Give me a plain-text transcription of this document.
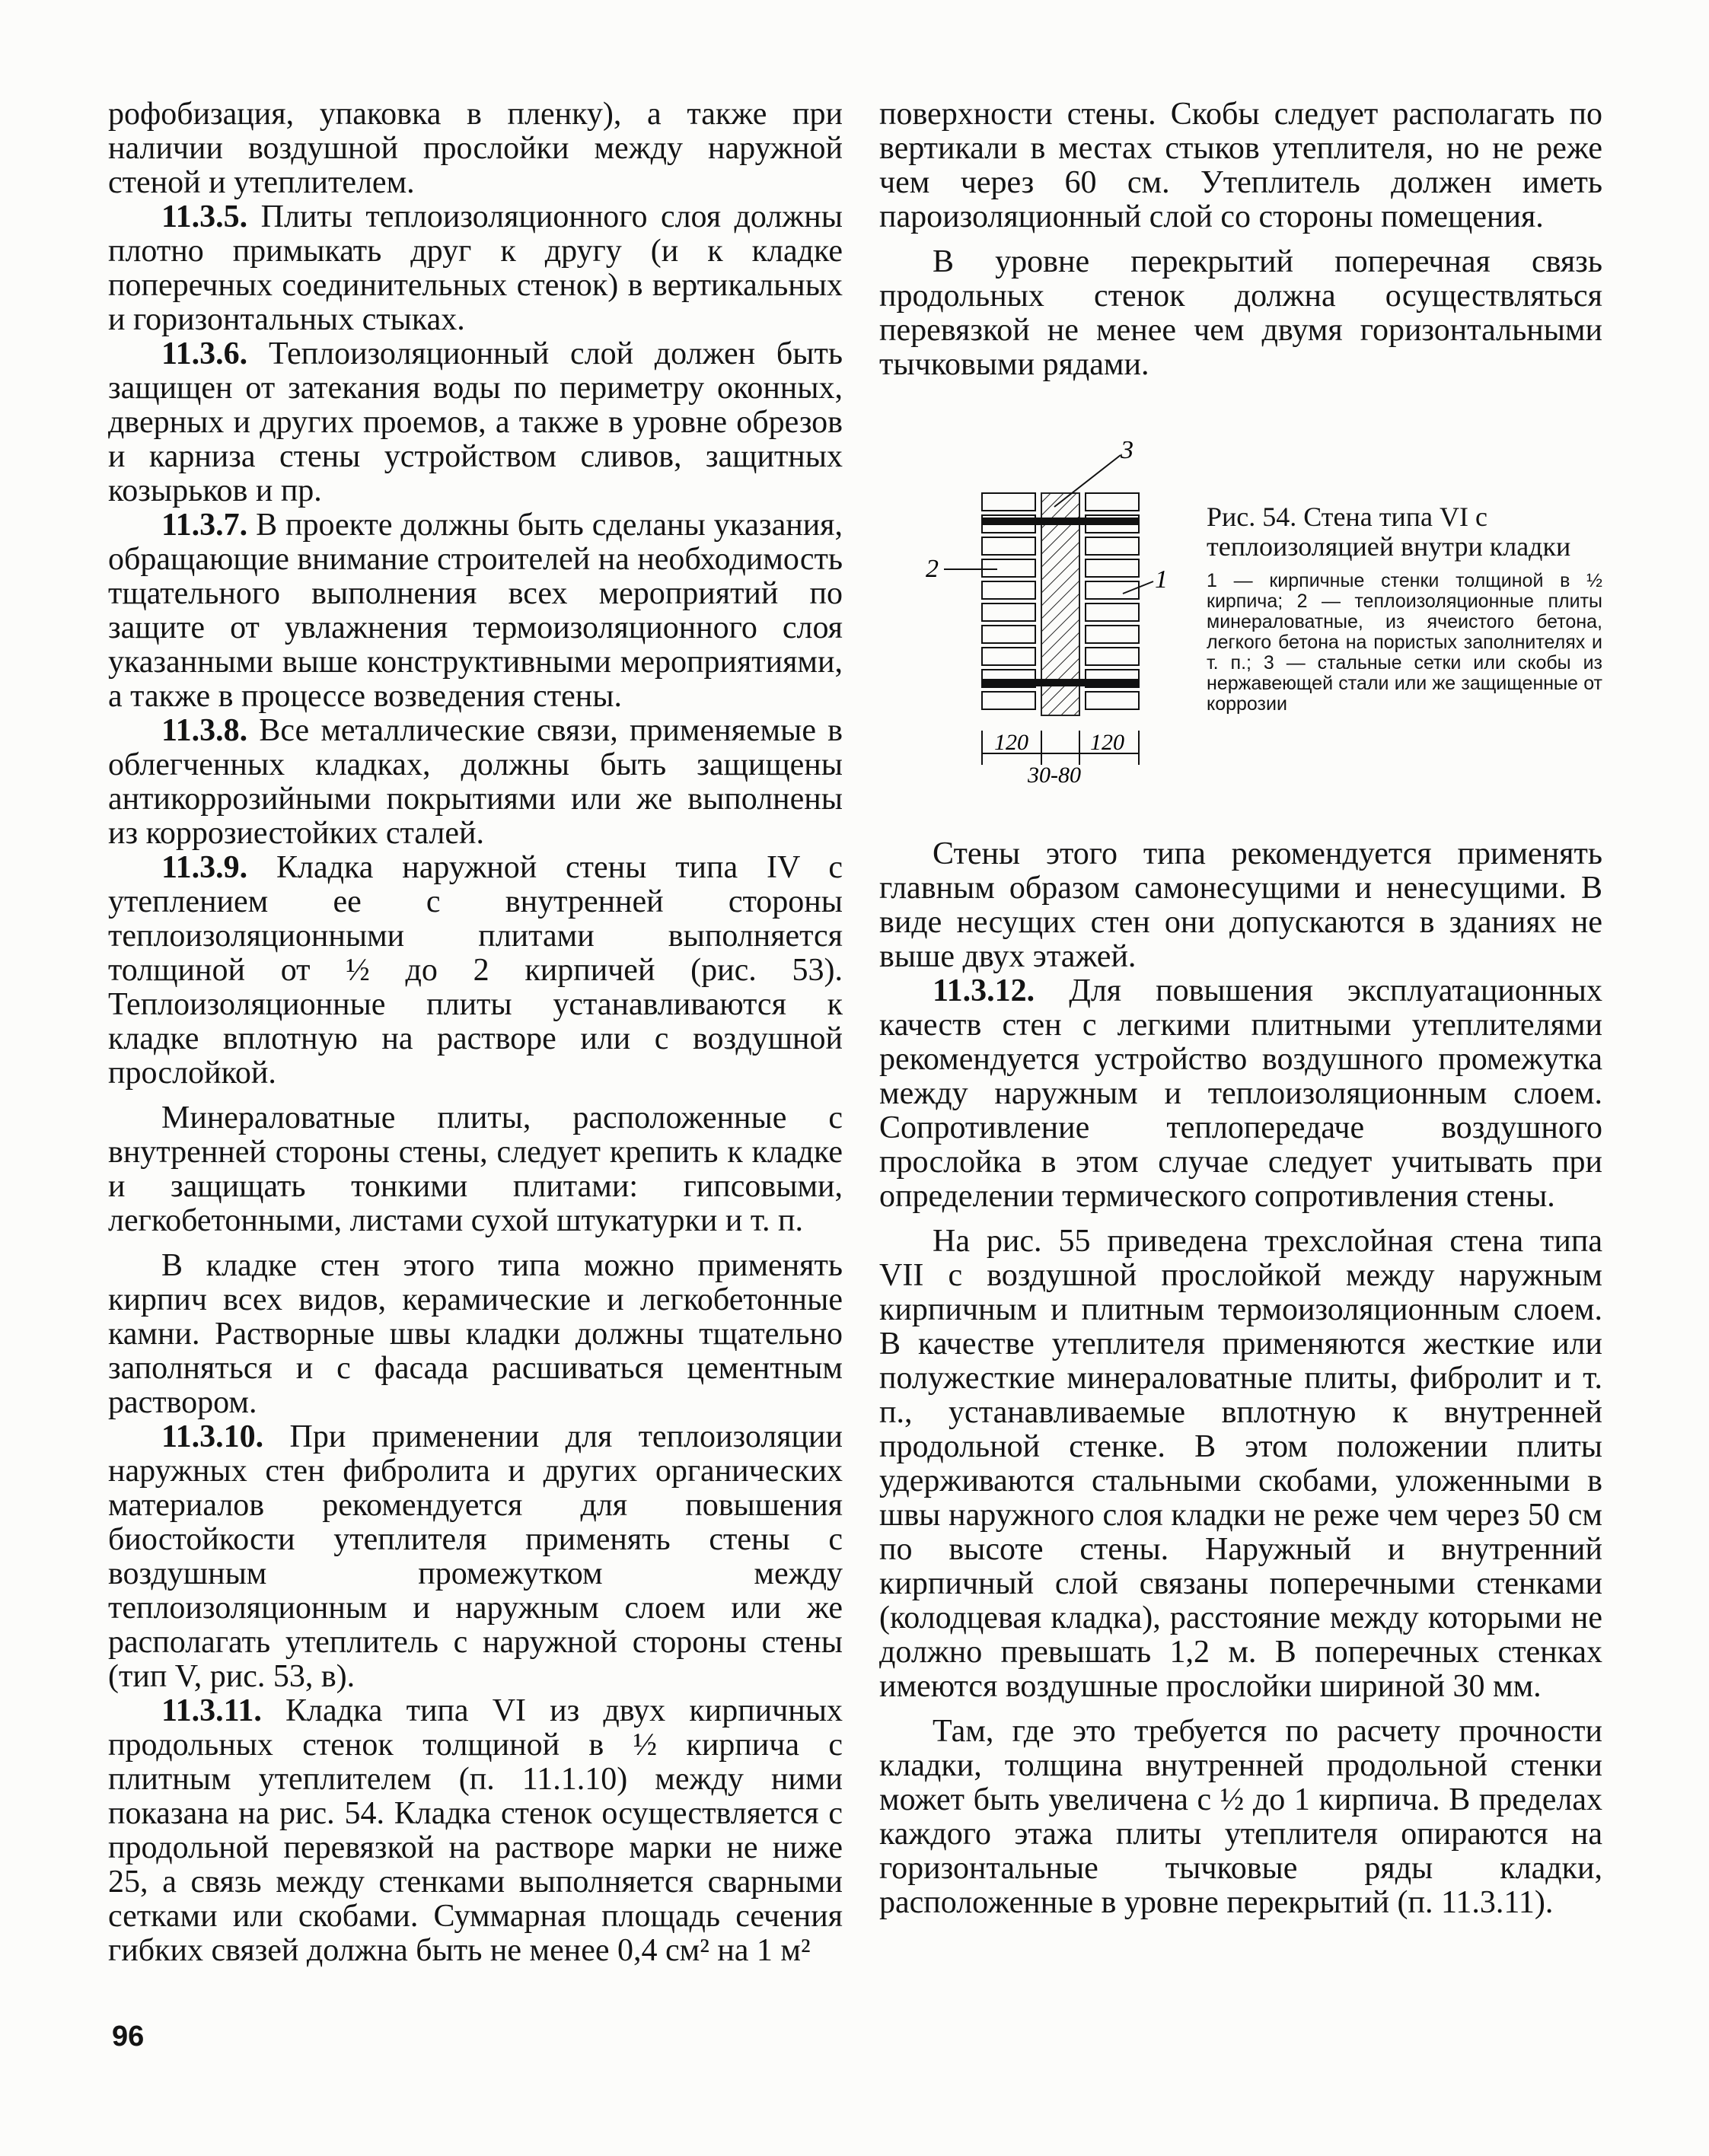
рофобизация, упаковка в пленку), а также при наличии воздушной прослойки между наружной стеной и утеплителем.

11.3.5. Плиты теплоизоляционного слоя должны плотно примыкать друг к другу (и к кладке поперечных соединительных стенок) в вертикальных и горизонтальных стыках.

11.3.6. Теплоизоляционный слой должен быть защищен от затекания воды по периметру оконных, дверных и других проемов, а также в уровне обрезов и карниза стены устройством сливов, защитных козырьков и пр.

11.3.7. В проекте должны быть сделаны указания, обращающие внимание строителей на необходимость тщательного выполнения всех мероприятий по защите от увлажнения термоизоляционного слоя указанными выше конструктивными мероприятиями, а также в процессе возведения стены.

11.3.8. Все металлические связи, применяемые в облегченных кладках, должны быть защищены антикоррозийными покрытиями или же выполнены из коррозиестойких сталей.

11.3.9. Кладка наружной стены типа IV с утеплением ее с внутренней стороны теплоизоляционными плитами выполняется толщиной от ½ до 2 кирпичей (рис. 53). Теплоизоляционные плиты устанавливаются к кладке вплотную на растворе или с воздушной прослойкой.

Минераловатные плиты, расположенные с внутренней стороны стены, следует крепить к кладке и защищать тонкими плитами: гипсовыми, легкобетонными, листами сухой штукатурки и т. п.

В кладке стен этого типа можно применять кирпич всех видов, керамические и легкобетонные камни. Растворные швы кладки должны тщательно заполняться и с фасада расшиваться цементным раствором.

11.3.10. При применении для теплоизоляции наружных стен фибролита и других органических материалов рекомендуется для повышения биостойкости утеплителя применять стены с воздушным промежутком между теплоизоляционным и наружным слоем или же располагать утеплитель с наружной стороны стены (тип V, рис. 53, в).

11.3.11. Кладка типа VI из двух кирпичных продольных стенок толщиной в ½ кирпича с плитным утеплителем (п. 11.1.10) между ними показана на рис. 54. Кладка стенок осуществляется с продольной перевязкой на растворе марки не ниже 25, а связь между стенками выполняется сварными сетками или скобами. Суммарная площадь сечения гибких связей должна быть не менее 0,4 см² на 1 м²

поверхности стены. Скобы следует располагать по вертикали в местах стыков утеплителя, но не реже чем через 60 см. Утеплитель должен иметь пароизоляционный слой со стороны помещения.

В уровне перекрытий поперечная связь продольных стенок должна осуществляться перевязкой не менее чем двумя горизонтальными тычковыми рядами.

3
2	1
120	120
30-80
Рис. 54. Стена типа VI с теплоизоляцией внутри кладки
1 — кирпичные стенки толщиной в ½ кирпича; 2 — теплоизоляционные плиты минераловатные, из ячеистого бетона, легкого бетона на пористых заполнителях и т. п.; 3 — стальные сетки или скобы из нержавеющей стали или же защищенные от коррозии

Стены этого типа рекомендуется применять главным образом самонесущими и ненесущими. В виде несущих стен они допускаются в зданиях не выше двух этажей.

11.3.12. Для повышения эксплуатационных качеств стен с легкими плитными утеплителями рекомендуется устройство воздушного промежутка между наружным и теплоизоляционным слоем. Сопротивление теплопередаче воздушного прослойка в этом случае следует учитывать при определении термического сопротивления стены.

На рис. 55 приведена трехслойная стена типа VII с воздушной прослойкой между наружным кирпичным и плитным термоизоляционным слоем. В качестве утеплителя применяются жесткие или полужесткие минераловатные плиты, фибролит и т. п., устанавливаемые вплотную к внутренней продольной стенке. В этом положении плиты удерживаются стальными скобами, уложенными в швы наружного слоя кладки не реже чем через 50 см по высоте стены. Наружный и внутренний кирпичный слой связаны поперечными стенками (колодцевая кладка), расстояние между которыми не должно превышать 1,2 м. В поперечных стенках имеются воздушные прослойки шириной 30 мм.

Там, где это требуется по расчету прочности кладки, толщина внутренней продольной стенки может быть увеличена с ½ до 1 кирпича. В пределах каждого этажа плиты утеплителя опираются на горизонтальные тычковые ряды кладки, расположенные в уровне перекрытий (п. 11.3.11).

96
